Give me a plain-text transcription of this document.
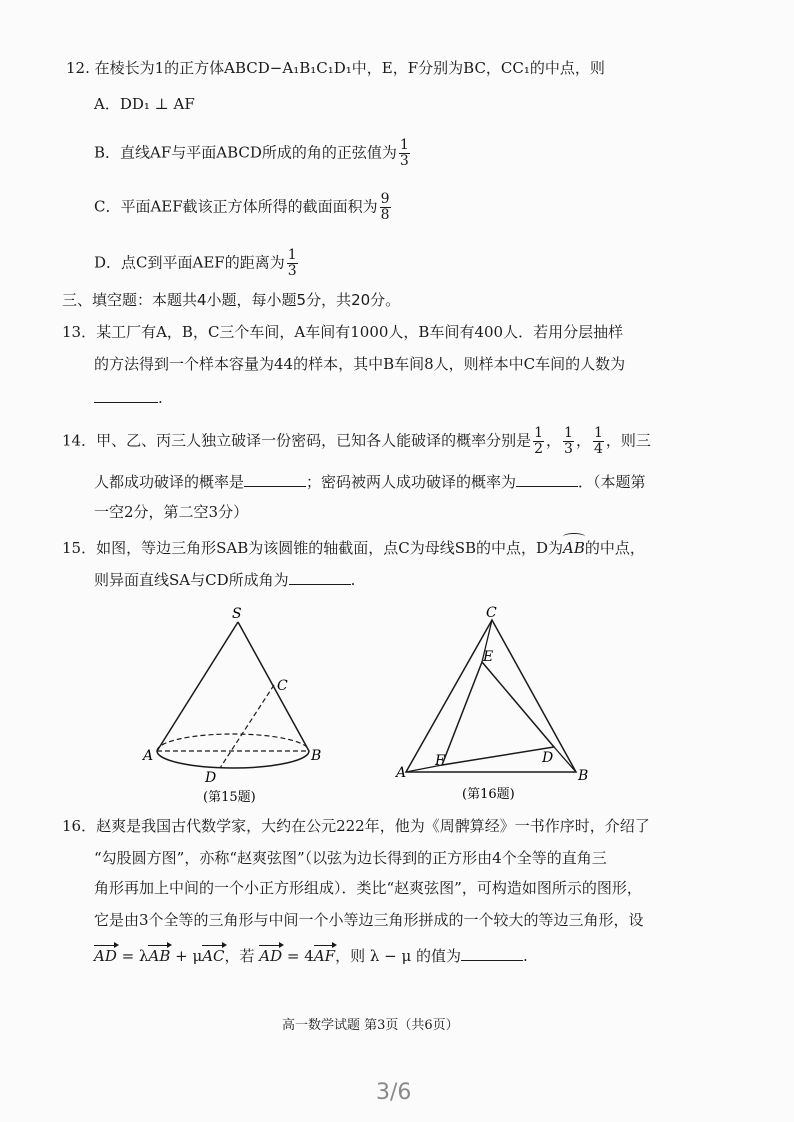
12. 在棱长为1的正方体ABCD−A₁B₁C₁D₁中，E，F分别为BC，CC₁的中点，则
A．DD₁ ⊥ AF
B．直线AF与平面ABCD所成的角的正弦值为 $\frac{1}{3}$
C．平面AEF截该正方体所得的截面面积为 $\frac{9}{8}$
D．点C到平面AEF的距离为 $\frac{1}{3}$
三、填空题：本题共4小题，每小题5分，共20分。
13．某工厂有A，B，C三个车间，A车间有1000人，B车间有400人．若用分层抽样
的方法得到一个样本容量为44的样本，其中B车间8人，则样本中C车间的人数为
.
14．甲、乙、丙三人独立破译一份密码，已知各人能破译的概率分别是 $\frac{1}{2}$ ， $\frac{1}{3}$ ， $\frac{1}{4}$ ，则三
人都成功破译的概率是	；密码被两人成功破译的概率为	．（本题第
一空2分，第二空3分）
15．如图，等边三角形SAB为该圆锥的轴截面，点C为母线SB的中点，D为AB的中点，
则异面直线SA与CD所成角为	.
S
C
A	B
D
(第15题)
C
E
D
F
A	B
(第16题)
16．赵爽是我国古代数学家，大约在公元222年，他为《周髀算经》一书作序时，介绍了
“勾股圆方图”，亦称“赵爽弦图”（以弦为边长得到的正方形由4个全等的直角三
角形再加上中间的一个小正方形组成）．类比“赵爽弦图”，可构造如图所示的图形，
它是由3个全等的三角形与中间一个小等边三角形拼成的一个较大的等边三角形，设
AD = λAB + μAC，若 AD = 4AF，则 λ − μ 的值为	.
高一数学试题 第3页（共6页）
3/6
